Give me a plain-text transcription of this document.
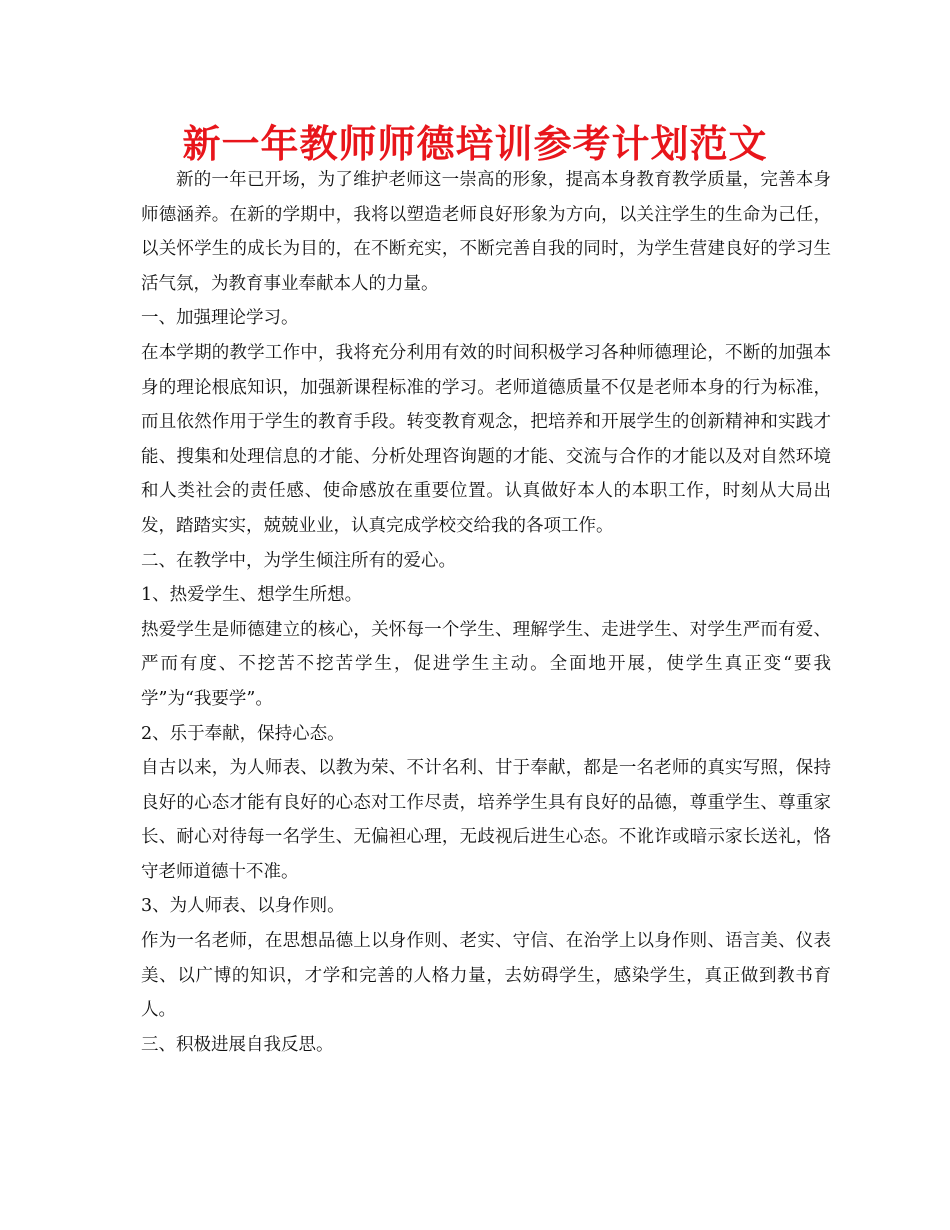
新一年教师师德培训参考计划范文

新的一年已开场，为了维护老师这一崇高的形象，提高本身教育教学质量，完善本身师德涵养。在新的学期中，我将以塑造老师良好形象为方向，以关注学生的生命为己任，以关怀学生的成长为目的，在不断充实，不断完善自我的同时，为学生营建良好的学习生活气氛，为教育事业奉献本人的力量。

一、加强理论学习。

在本学期的教学工作中，我将充分利用有效的时间积极学习各种师德理论，不断的加强本身的理论根底知识，加强新课程标准的学习。老师道德质量不仅是老师本身的行为标准，而且依然作用于学生的教育手段。转变教育观念，把培养和开展学生的创新精神和实践才能、搜集和处理信息的才能、分析处理咨询题的才能、交流与合作的才能以及对自然环境和人类社会的责任感、使命感放在重要位置。认真做好本人的本职工作，时刻从大局出发，踏踏实实，兢兢业业，认真完成学校交给我的各项工作。

二、在教学中，为学生倾注所有的爱心。

1、热爱学生、想学生所想。

热爱学生是师德建立的核心，关怀每一个学生、理解学生、走进学生、对学生严而有爱、严而有度、不挖苦不挖苦学生，促进学生主动。全面地开展，使学生真正变“要我学”为“我要学”。

2、乐于奉献，保持心态。

自古以来，为人师表、以教为荣、不计名利、甘于奉献，都是一名老师的真实写照，保持良好的心态才能有良好的心态对工作尽责，培养学生具有良好的品德，尊重学生、尊重家长、耐心对待每一名学生、无偏袒心理，无歧视后进生心态。不讹诈或暗示家长送礼，恪守老师道德十不准。

3、为人师表、以身作则。

作为一名老师，在思想品德上以身作则、老实、守信、在治学上以身作则、语言美、仪表美、以广博的知识，才学和完善的人格力量，去妨碍学生，感染学生，真正做到教书育人。

三、积极进展自我反思。
